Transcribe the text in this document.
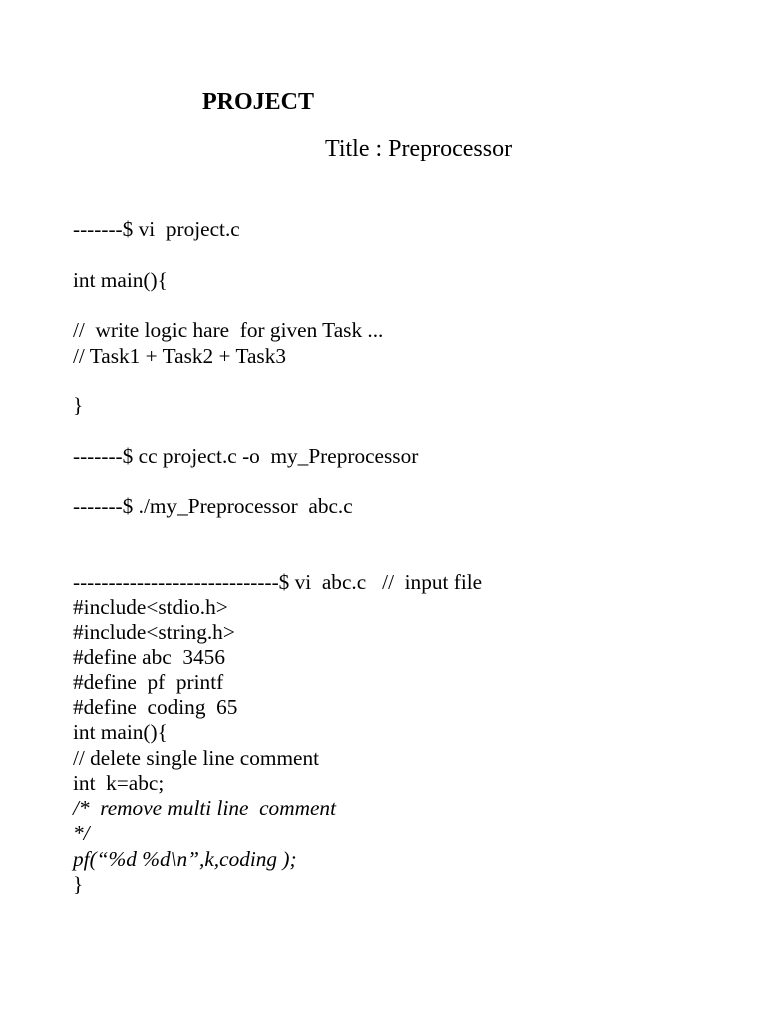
PROJECT
Title : Preprocessor
-------$ vi  project.c
int main(){
//  write logic hare  for given Task ...
// Task1 + Task2 + Task3
}
-------$ cc project.c -o  my_Preprocessor
-------$ ./my_Preprocessor  abc.c
-----------------------------$ vi  abc.c   //  input file
#include<stdio.h>
#include<string.h>
#define abc  3456
#define  pf  printf
#define  coding  65
int main(){
// delete single line comment
int  k=abc;
/*  remove multi line  comment
*/
pf(“%d %d\n”,k,coding );
}
